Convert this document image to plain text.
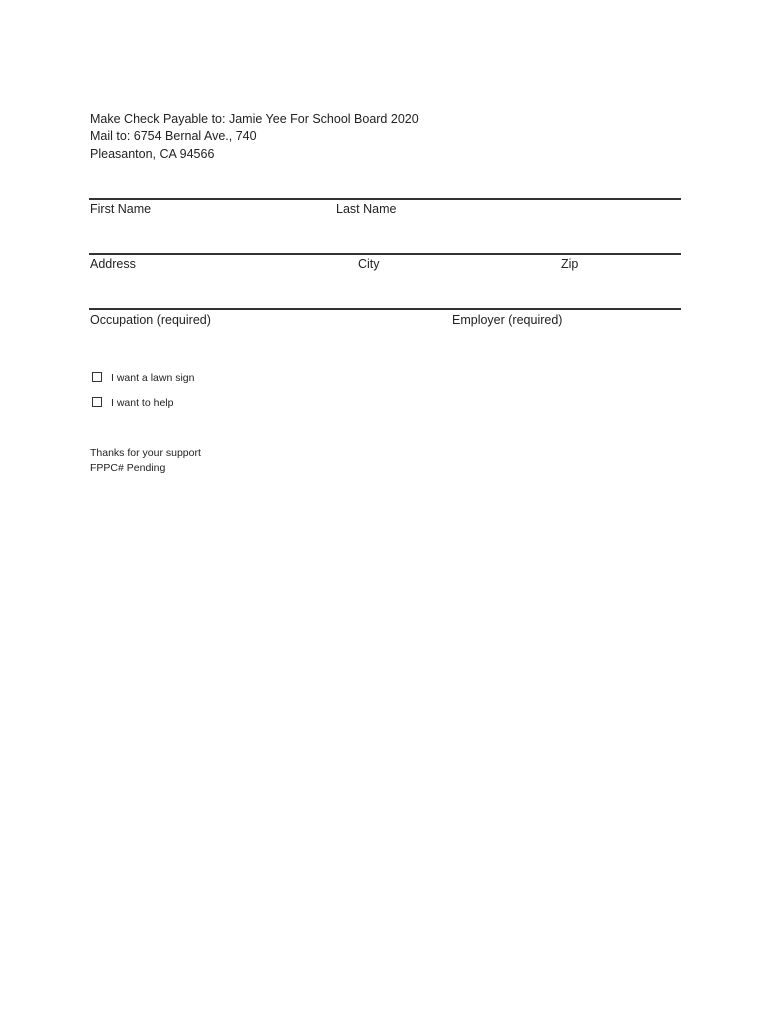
Make Check Payable to: Jamie Yee For School Board 2020
Mail to: 6754 Bernal Ave., 740
Pleasanton, CA 94566
First Name	Last Name
Address	City	Zip
Occupation (required)	Employer (required)
I want a lawn sign
I want to help
Thanks for your support
FPPC# Pending
